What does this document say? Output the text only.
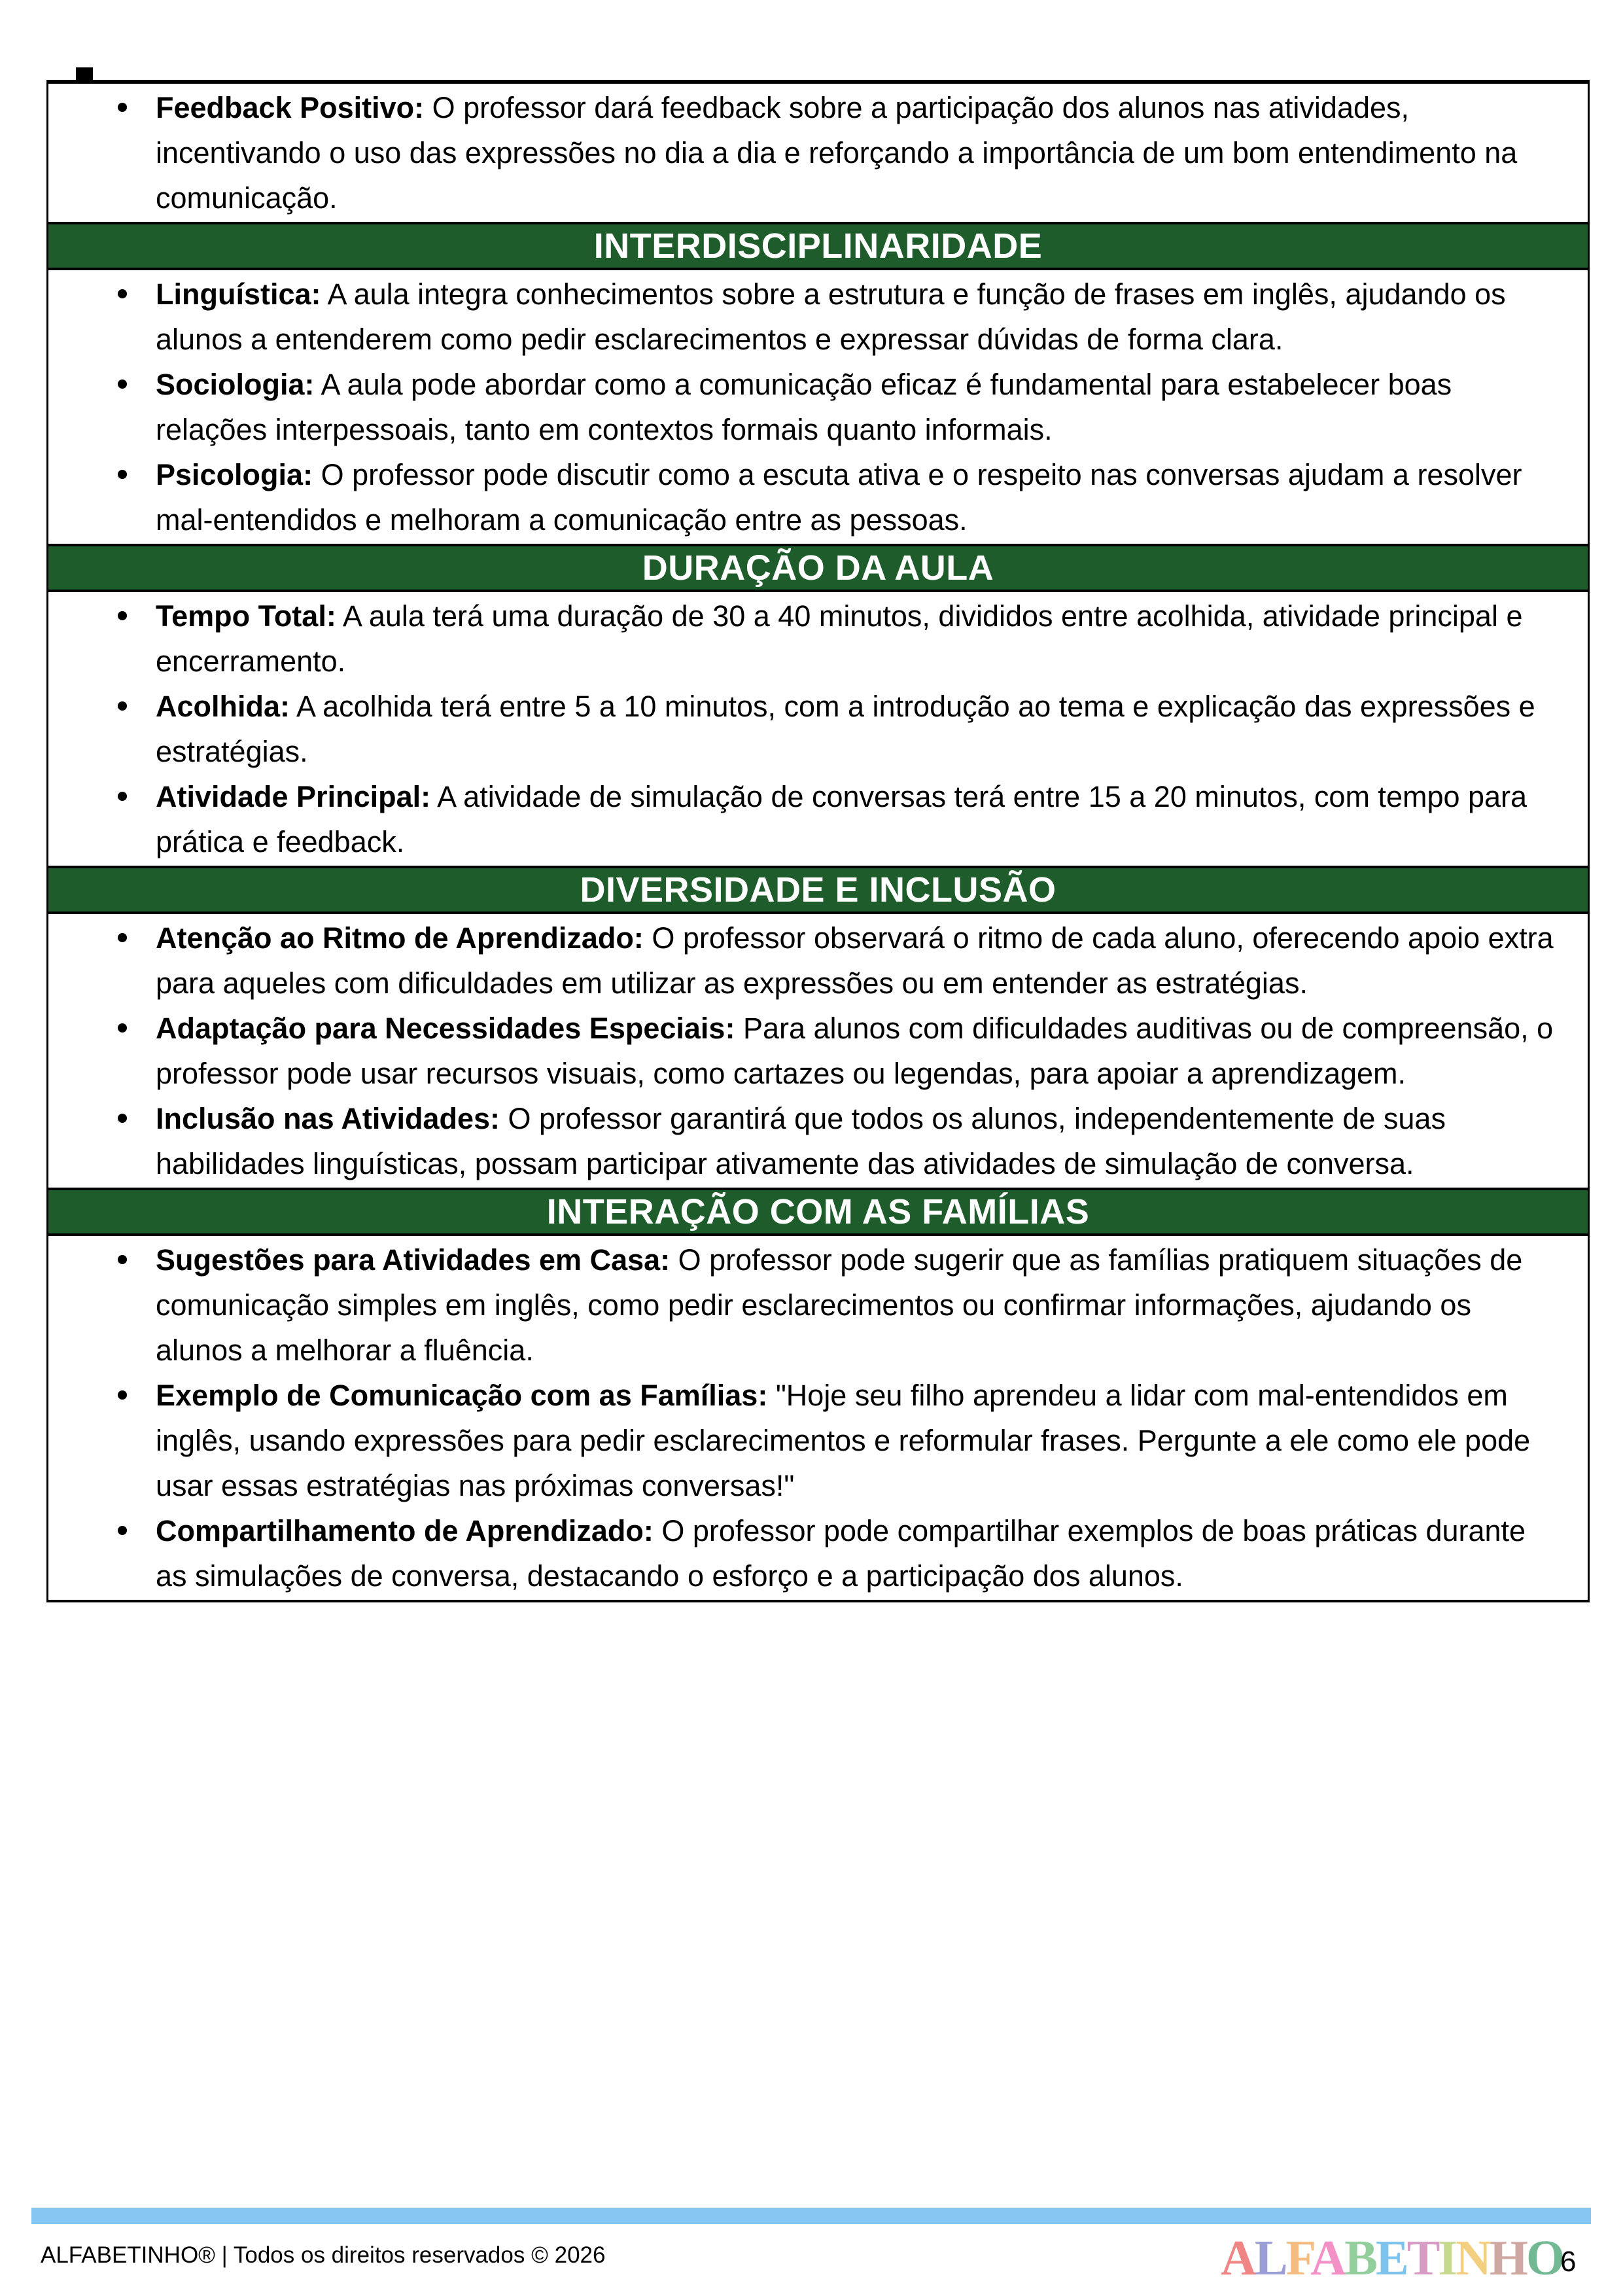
Feedback Positivo: O professor dará feedback sobre a participação dos alunos nas atividades, incentivando o uso das expressões no dia a dia e reforçando a importância de um bom entendimento na comunicação.
INTERDISCIPLINARIDADE
Linguística: A aula integra conhecimentos sobre a estrutura e função de frases em inglês, ajudando os alunos a entenderem como pedir esclarecimentos e expressar dúvidas de forma clara.
Sociologia: A aula pode abordar como a comunicação eficaz é fundamental para estabelecer boas relações interpessoais, tanto em contextos formais quanto informais.
Psicologia: O professor pode discutir como a escuta ativa e o respeito nas conversas ajudam a resolver mal-entendidos e melhoram a comunicação entre as pessoas.
DURAÇÃO DA AULA
Tempo Total: A aula terá uma duração de 30 a 40 minutos, divididos entre acolhida, atividade principal e encerramento.
Acolhida: A acolhida terá entre 5 a 10 minutos, com a introdução ao tema e explicação das expressões e estratégias.
Atividade Principal: A atividade de simulação de conversas terá entre 15 a 20 minutos, com tempo para prática e feedback.
DIVERSIDADE E INCLUSÃO
Atenção ao Ritmo de Aprendizado: O professor observará o ritmo de cada aluno, oferecendo apoio extra para aqueles com dificuldades em utilizar as expressões ou em entender as estratégias.
Adaptação para Necessidades Especiais: Para alunos com dificuldades auditivas ou de compreensão, o professor pode usar recursos visuais, como cartazes ou legendas, para apoiar a aprendizagem.
Inclusão nas Atividades: O professor garantirá que todos os alunos, independentemente de suas habilidades linguísticas, possam participar ativamente das atividades de simulação de conversa.
INTERAÇÃO COM AS FAMÍLIAS
Sugestões para Atividades em Casa: O professor pode sugerir que as famílias pratiquem situações de comunicação simples em inglês, como pedir esclarecimentos ou confirmar informações, ajudando os alunos a melhorar a fluência.
Exemplo de Comunicação com as Famílias: "Hoje seu filho aprendeu a lidar com mal-entendidos em inglês, usando expressões para pedir esclarecimentos e reformular frases. Pergunte a ele como ele pode usar essas estratégias nas próximas conversas!"
Compartilhamento de Aprendizado: O professor pode compartilhar exemplos de boas práticas durante as simulações de conversa, destacando o esforço e a participação dos alunos.
ALFABETINHO® | Todos os direitos reservados © 2026	ALFABETINHO
6
